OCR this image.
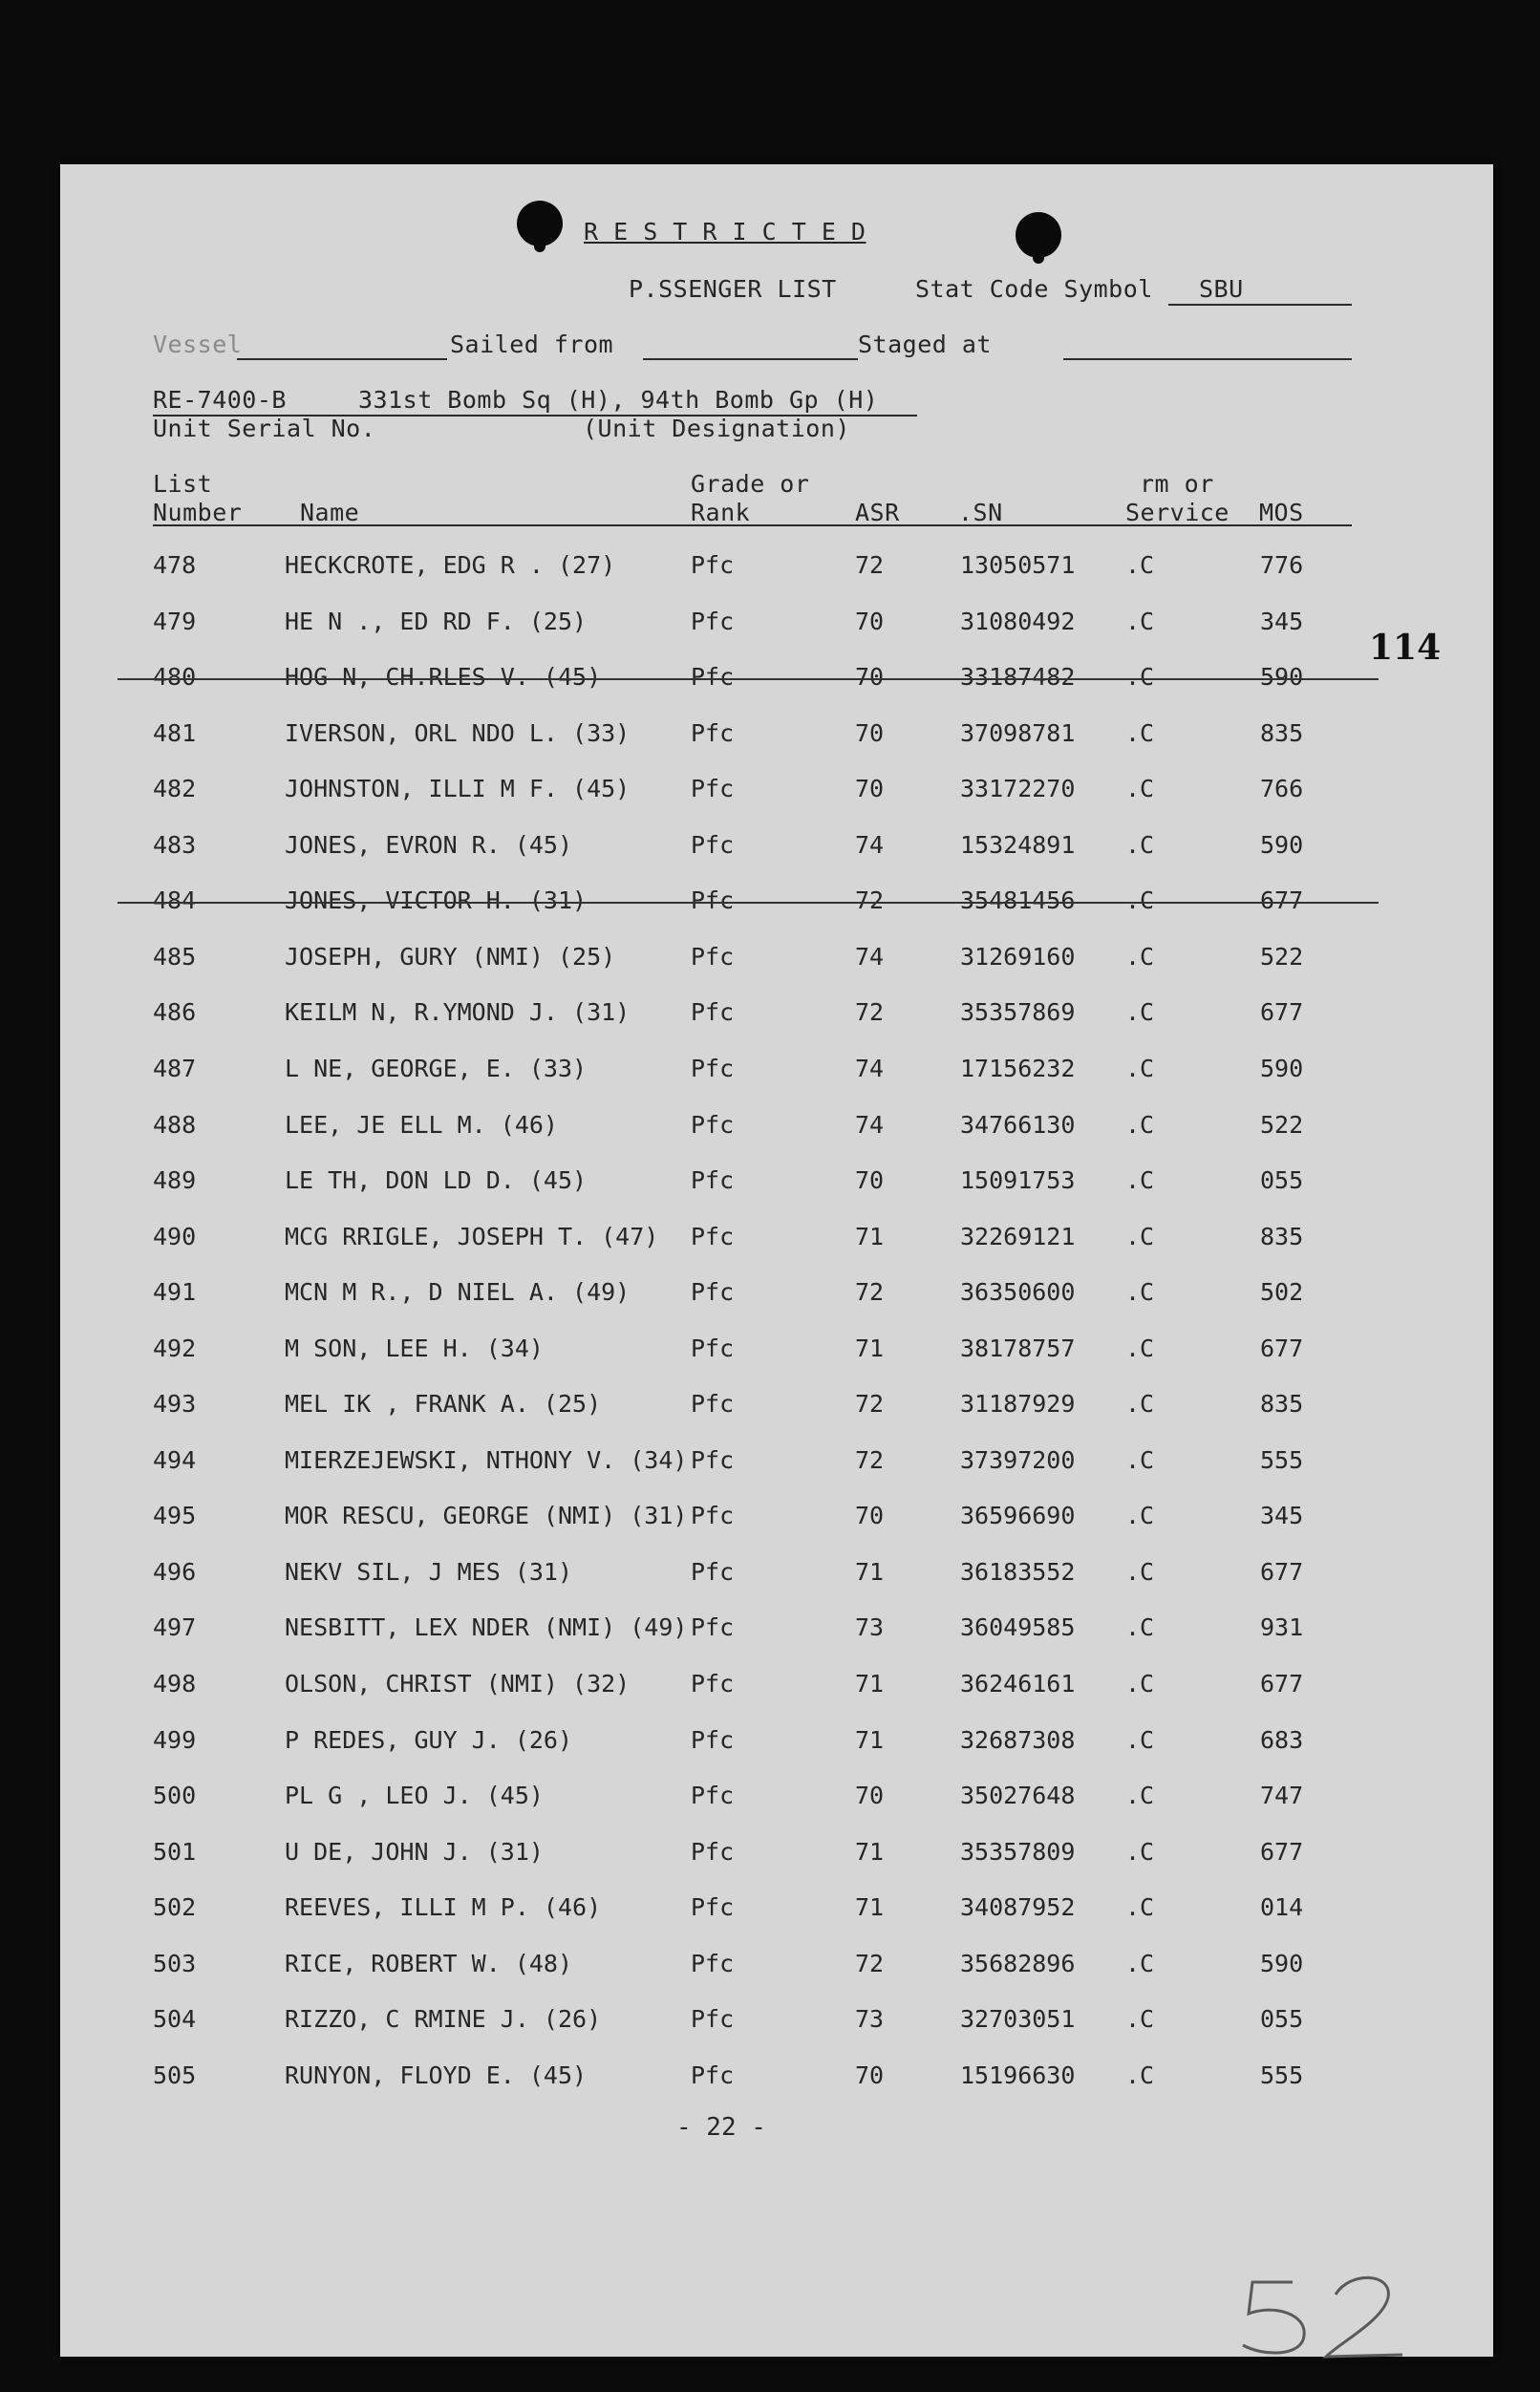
R E S T R I C T E D
P.SSENGER LIST	Stat Code Symbol SBU
Vessel	Sailed from	Staged at
RE-7400-B	331st Bomb Sq (H), 94th Bomb Gp (H)
Unit Serial No.	(Unit Designation)
List
Number Name
Grade or
Rank	ASR .SN
rm or
Service MOS
478	HECKCROTE, EDG R . (27)	Pfc	72	13050571 .C	776
479	HE N ., ED RD F. (25)	Pfc	70	31080492 .C	345
480	HOG N, CH.RLES V. (45)	Pfc	70	33187482 .C	590
481	IVERSON, ORL NDO L. (33)	Pfc	70	37098781 .C	835
482	JOHNSTON, ILLI M F. (45)	Pfc	70	33172270 .C	766
483	JONES, EVRON R. (45)	Pfc	74	15324891 .C	590
484	JONES, VICTOR H. (31)	Pfc	72	35481456 .C	677
485	JOSEPH, GURY (NMI) (25)	Pfc	74	31269160 .C	522
486	KEILM N, R.YMOND J. (31)	Pfc	72	35357869 .C	677
487	L NE, GEORGE, E. (33)	Pfc	74	17156232 .C	590
488	LEE, JE ELL M. (46)	Pfc	74	34766130 .C	522
489	LE TH, DON LD D. (45)	Pfc	70	15091753 .C	055
490	MCG RRIGLE, JOSEPH T. (47) Pfc	71	32269121 .C	835
491	MCN M R., D NIEL A. (49)	Pfc	72	36350600 .C	502
492	M SON, LEE H. (34)	Pfc	71	38178757 .C	677
493	MEL IK , FRANK A. (25)	Pfc	72	31187929 .C	835
494	MIERZEJEWSKI, NTHONY V. (34) Pfc	72	37397200 .C	555
495	MOR RESCU, GEORGE (NMI) (31) Pfc	70	36596690 .C	345
496	NEKV SIL, J MES (31)	Pfc	71	36183552 .C	677
497	NESBITT, LEX NDER (NMI) (49) Pfc	73	36049585 .C	931
498	OLSON, CHRIST (NMI) (32)	Pfc	71	36246161 .C	677
499	P REDES, GUY J. (26)	Pfc	71	32687308 .C	683
500	PL G , LEO J. (45)	Pfc	70	35027648 .C	747
501	U DE, JOHN J. (31)	Pfc	71	35357809 .C	677
502	REEVES, ILLI M P. (46)	Pfc	71	34087952 .C	014
503	RICE, ROBERT W. (48)	Pfc	72	35682896 .C	590
504	RIZZO, C RMINE J. (26)	Pfc	73	32703051 .C	055
505	RUNYON, FLOYD E. (45)	Pfc	70	15196630 .C	555
- 22 -
114
